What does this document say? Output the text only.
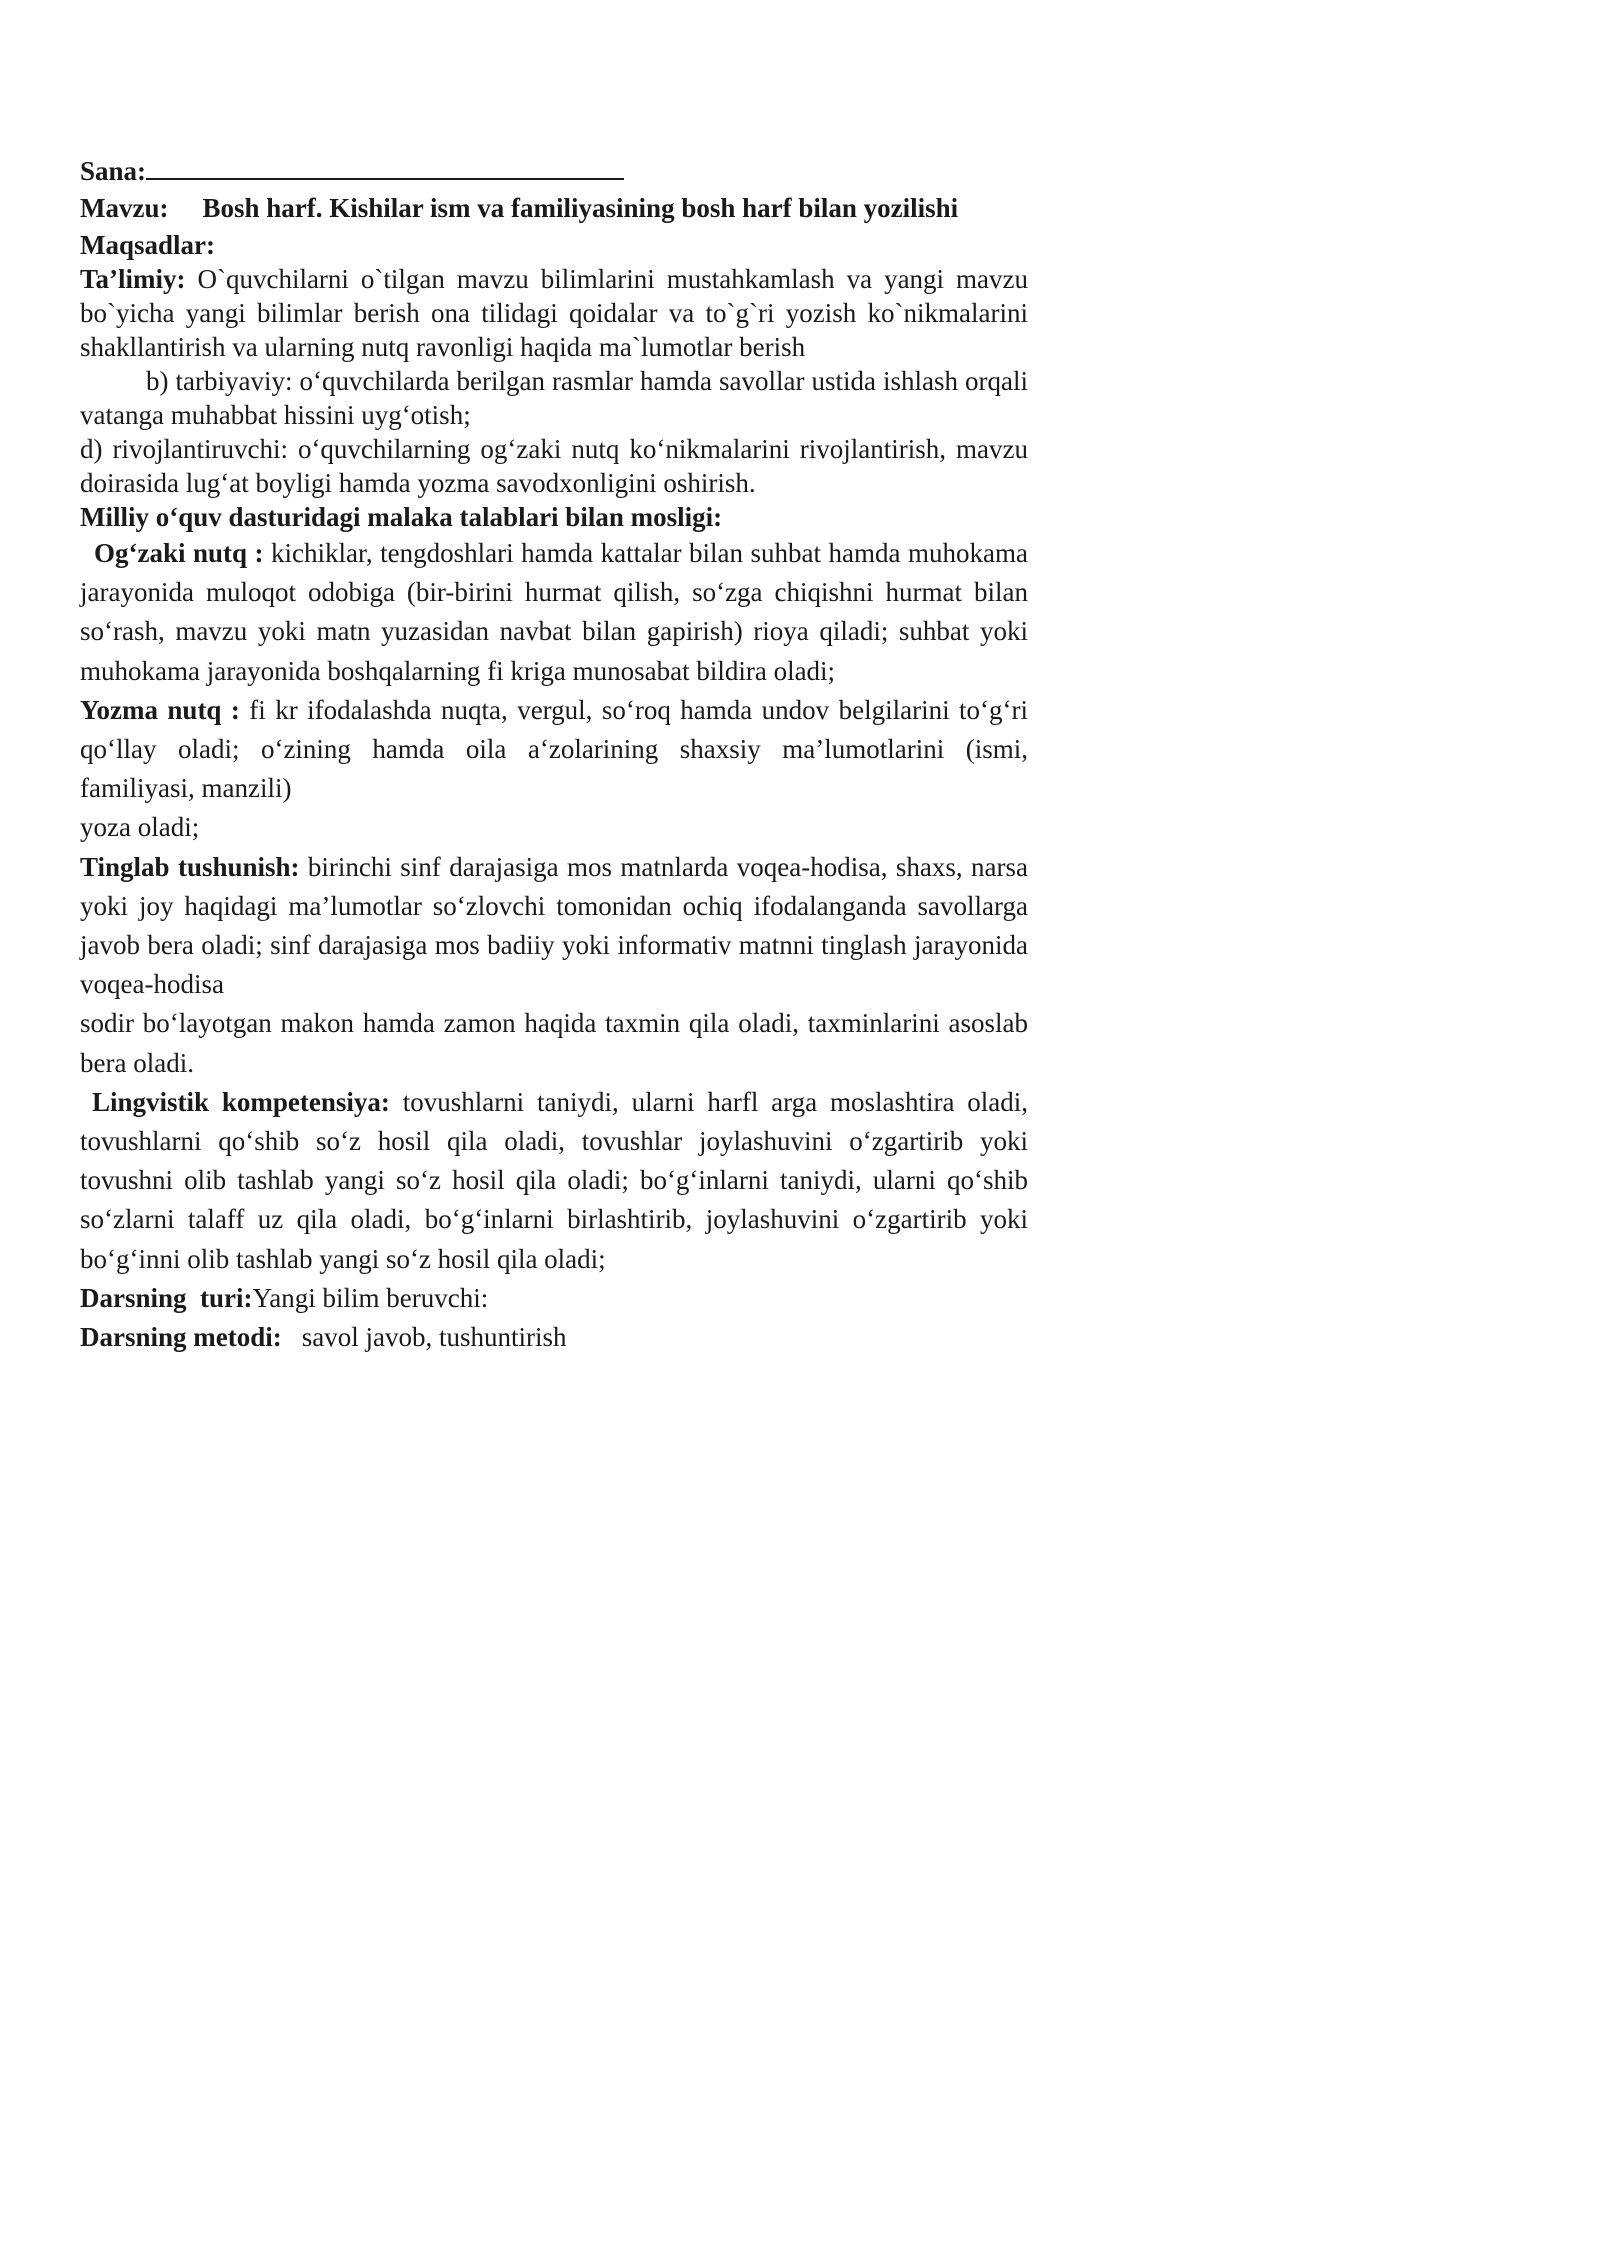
Sana:
Mavzu: Bosh harf. Kishilar ism va familiyasining bosh harf bilan yozilishi
Maqsadlar:
Ta’limiy: O`quvchilarni o`tilgan mavzu bilimlarini mustahkamlash va yangi mavzu bo`yicha yangi bilimlar berish ona tilidagi qoidalar va to`g`ri yozish ko`nikmalarini shakllantirish va ularning nutq ravonligi haqida ma`lumotlar berish
b) tarbiyaviy: o‘quvchilarda berilgan rasmlar hamda savollar ustida ishlash orqali vatanga muhabbat hissini uyg‘otish;
d) rivojlantiruvchi: o‘quvchilarning og‘zaki nutq ko‘nikmalarini rivojlantirish, mavzu doirasida lug‘at boyligi hamda yozma savodxonligini oshirish.
Milliy o‘quv dasturidagi malaka talablari bilan mosligi:
Og‘zaki nutq : kichiklar, tengdoshlari hamda kattalar bilan suhbat hamda muhokama jarayonida muloqot odobiga (bir-birini hurmat qilish, so‘zga chiqishni hurmat bilan so‘rash, mavzu yoki matn yuzasidan navbat bilan gapirish) rioya qiladi; suhbat yoki muhokama jarayonida boshqalarning fi kriga munosabat bildira oladi;
Yozma nutq : fi kr ifodalashda nuqta, vergul, so‘roq hamda undov belgilarini to‘g‘ri qo‘llay oladi; o‘zining hamda oila a‘zolarining shaxsiy ma’lumotlarini (ismi, familiyasi, manzili)
yoza oladi;
Tinglab tushunish: birinchi sinf darajasiga mos matnlarda voqea-hodisa, shaxs, narsa yoki joy haqidagi ma’lumotlar so‘zlovchi tomonidan ochiq ifodalanganda savollarga javob bera oladi; sinf darajasiga mos badiiy yoki informativ matnni tinglash jarayonida voqea-hodisa
sodir bo‘layotgan makon hamda zamon haqida taxmin qila oladi, taxminlarini asoslab bera oladi.
Lingvistik kompetensiya: tovushlarni taniydi, ularni harfl arga moslashtira oladi, tovushlarni qo‘shib so‘z hosil qila oladi, tovushlar joylashuvini o‘zgartirib yoki tovushni olib tashlab yangi so‘z hosil qila oladi; bo‘g‘inlarni taniydi, ularni qo‘shib so‘zlarni talaff uz qila oladi, bo‘g‘inlarni birlashtirib, joylashuvini o‘zgartirib yoki bo‘g‘inni olib tashlab yangi so‘z hosil qila oladi;
Darsning  turi:Yangi bilim beruvchi:
Darsning metodi: savol javob, tushuntirish
